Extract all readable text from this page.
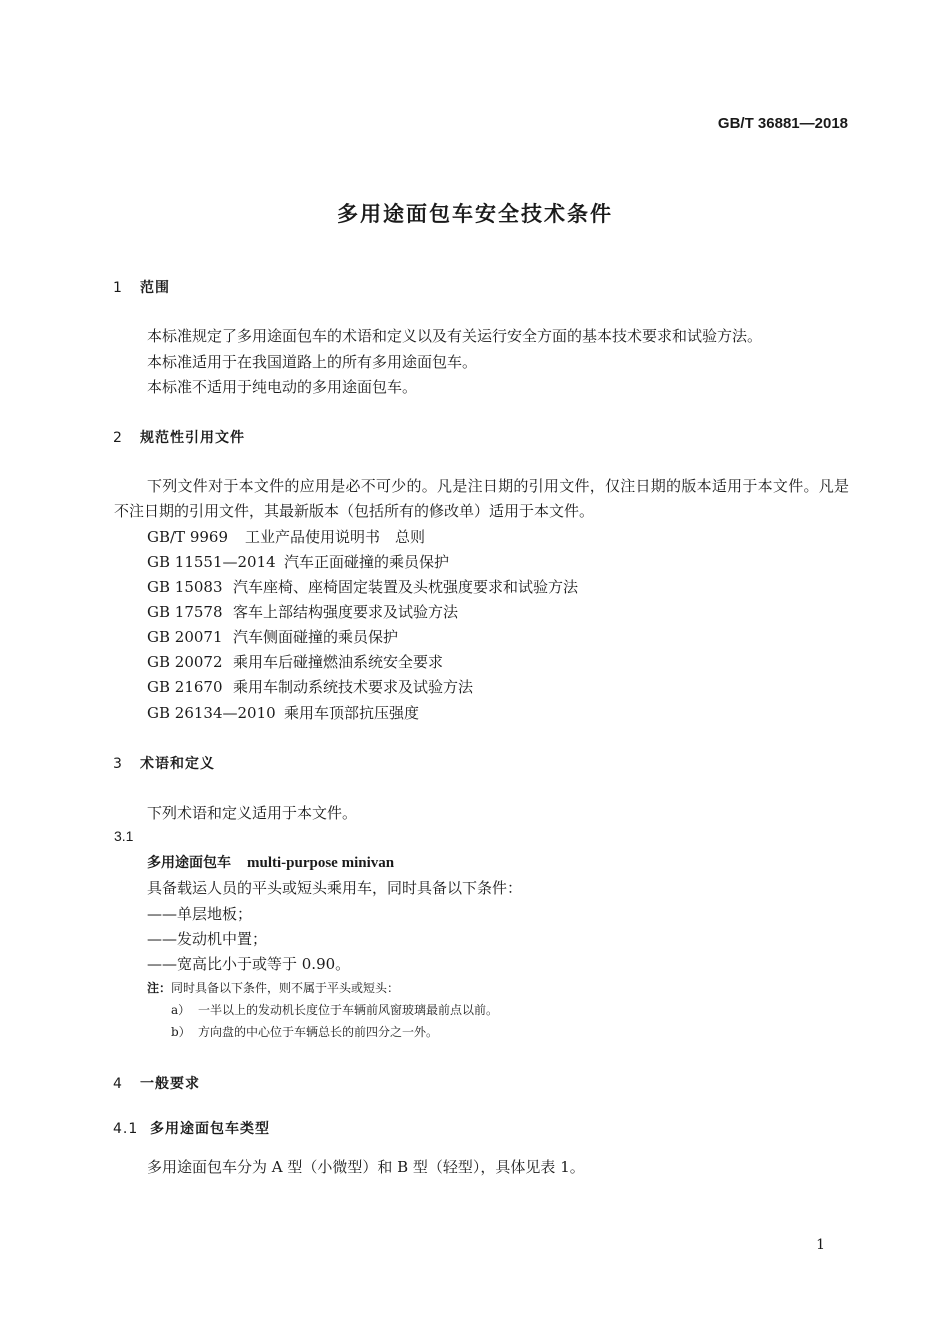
GB/T 36881—2018
多用途面包车安全技术条件
1 范围
本标准规定了多用途面包车的术语和定义以及有关运行安全方面的基本技术要求和试验方法。
本标准适用于在我国道路上的所有多用途面包车。
本标准不适用于纯电动的多用途面包车。
2 规范性引用文件
下列文件对于本文件的应用是必不可少的。凡是注日期的引用文件，仅注日期的版本适用于本文件。凡是不注日期的引用文件，其最新版本（包括所有的修改单）适用于本文件。
GB/T 9969 工业产品使用说明书　总则
GB 11551—2014 汽车正面碰撞的乘员保护
GB 15083 汽车座椅、座椅固定装置及头枕强度要求和试验方法
GB 17578 客车上部结构强度要求及试验方法
GB 20071 汽车侧面碰撞的乘员保护
GB 20072 乘用车后碰撞燃油系统安全要求
GB 21670 乘用车制动系统技术要求及试验方法
GB 26134—2010 乘用车顶部抗压强度
3 术语和定义
下列术语和定义适用于本文件。
3.1
多用途面包车 multi-purpose minivan
具备载运人员的平头或短头乘用车，同时具备以下条件：
——单层地板；
——发动机中置；
——宽高比小于或等于 0.90。
注：同时具备以下条件，则不属于平头或短头：
a） 一半以上的发动机长度位于车辆前风窗玻璃最前点以前。
b） 方向盘的中心位于车辆总长的前四分之一外。
4 一般要求
4.1 多用途面包车类型
多用途面包车分为 A 型（小微型）和 B 型（轻型），具体见表 1。
1
